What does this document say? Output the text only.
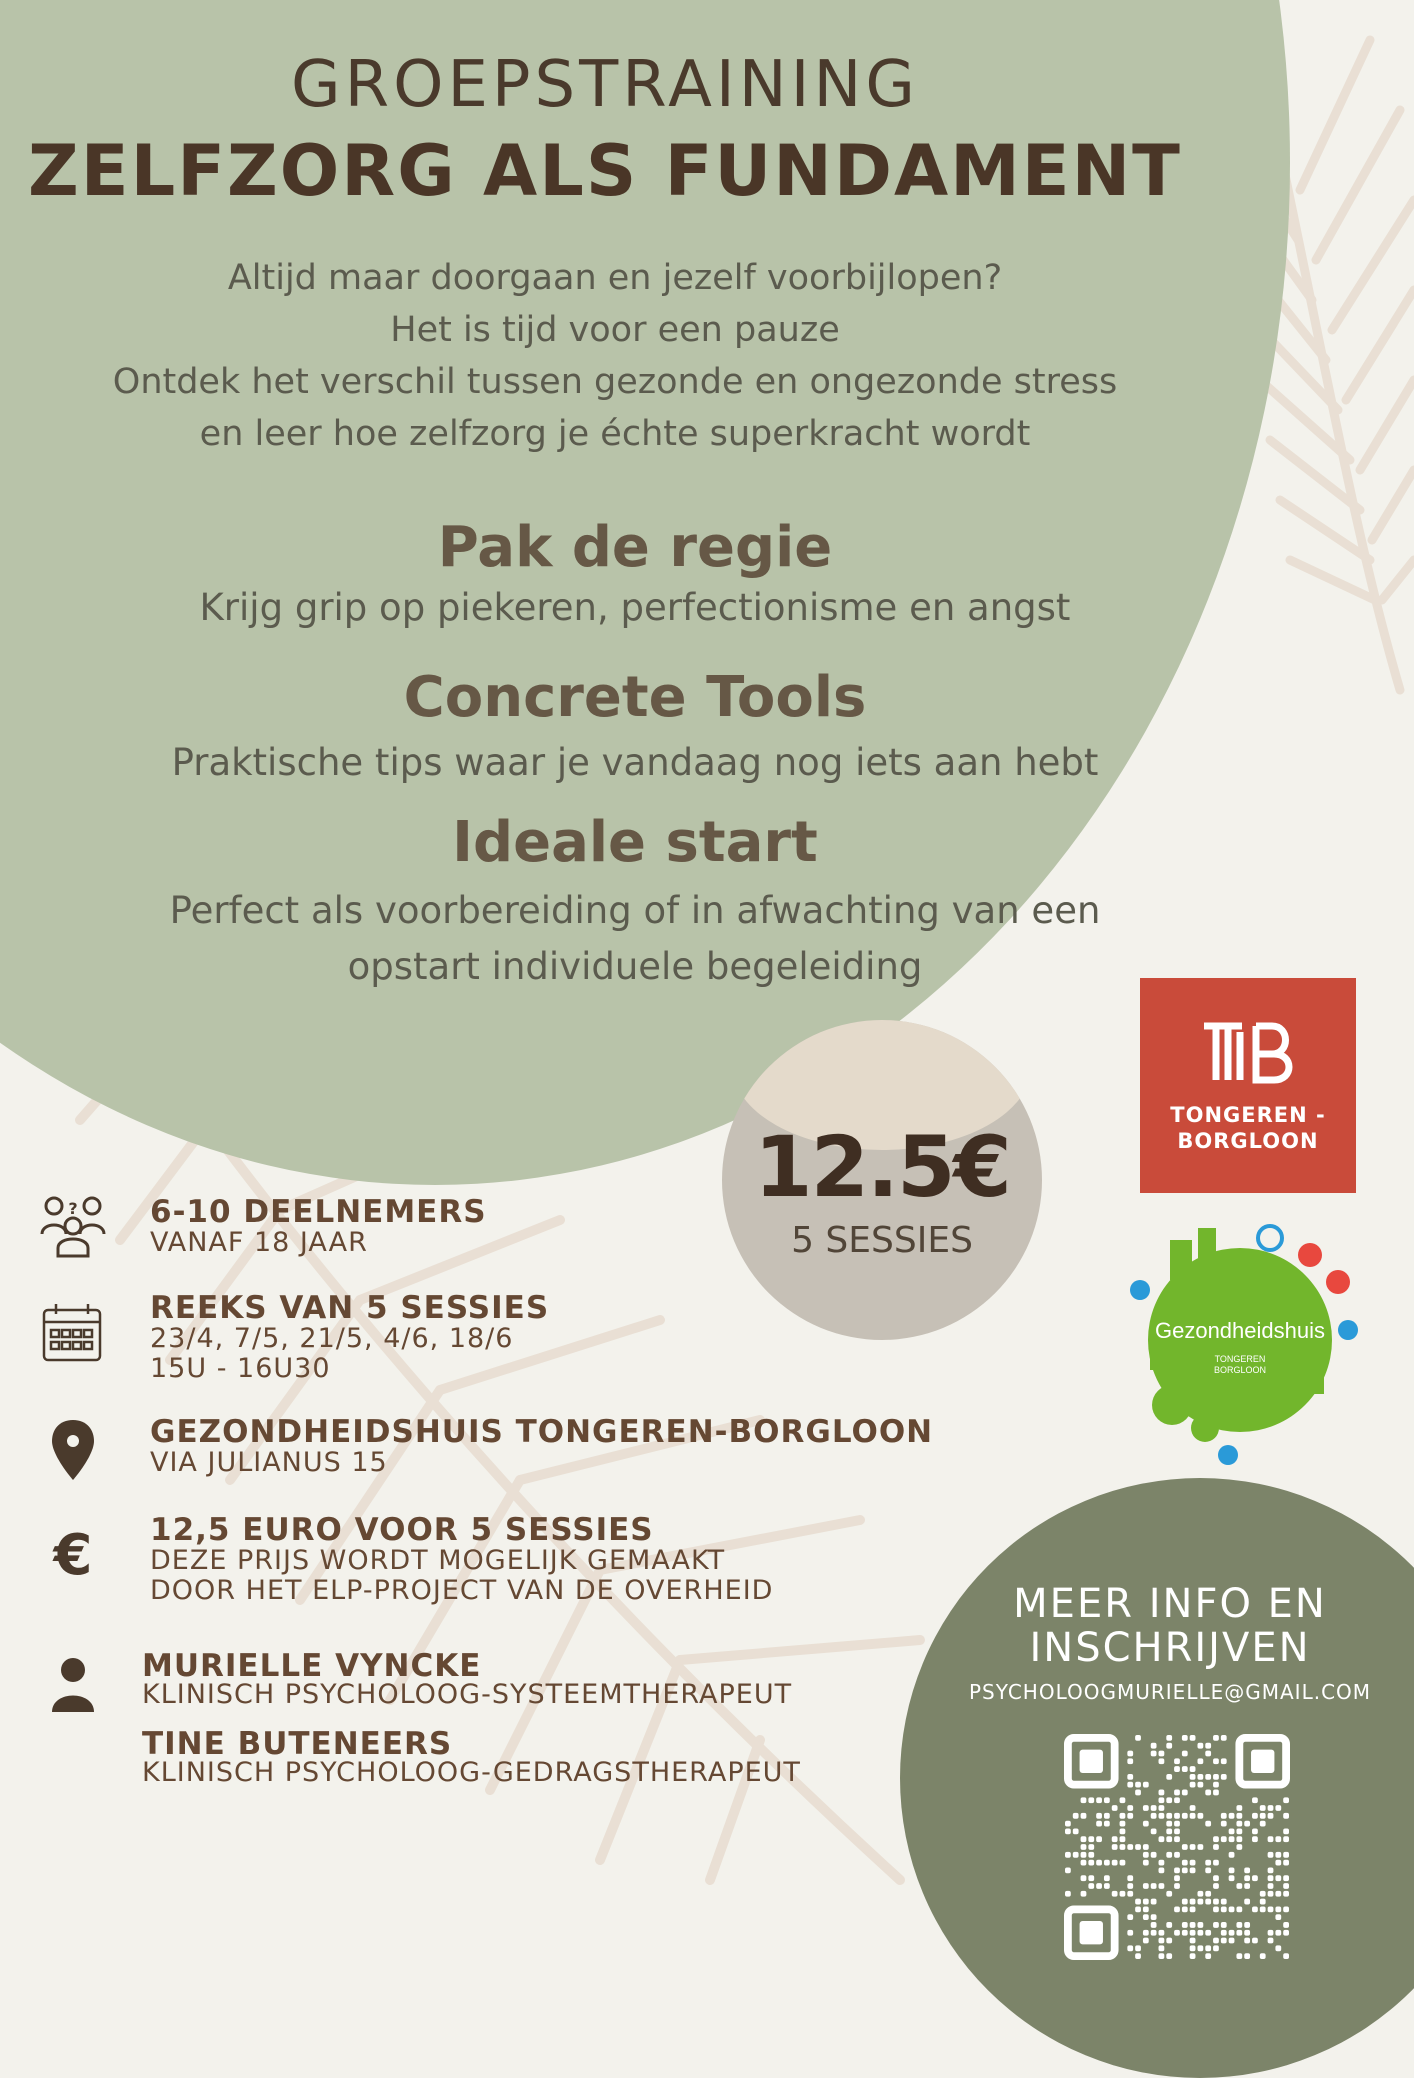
GROEPSTRAINING
ZELFZORG ALS FUNDAMENT
Altijd maar doorgaan en jezelf voorbijlopen?
Het is tijd voor een pauze
Ontdek het verschil tussen gezonde en ongezonde stress
en leer hoe zelfzorg je échte superkracht wordt
Pak de regie
Krijg grip op piekeren, perfectionisme en angst
Concrete Tools
Praktische tips waar je vandaag nog iets aan hebt
Ideale start
Perfect als voorbereiding of in afwachting van een
opstart individuele begeleiding
12.5€
5 SESSIES
? 6-10 DEELNEMERS
VANAF 18 JAAR
REEKS VAN 5 SESSIES
23/4, 7/5, 21/5, 4/6, 18/6
15U - 16U30
GEZONDHEIDSHUIS TONGEREN-BORGLOON
VIA JULIANUS 15
€ 12,5 EURO VOOR 5 SESSIES
DEZE PRIJS WORDT MOGELIJK GEMAAKT
DOOR HET ELP-PROJECT VAN DE OVERHEID
MURIELLE VYNCKE
KLINISCH PSYCHOLOOG-SYSTEEMTHERAPEUT
TINE BUTENEERS
KLINISCH PSYCHOLOOG-GEDRAGSTHERAPEUT
TONGEREN -
BORGLOON
Gezondheidshuis
TONGEREN BORGLOON
MEER INFO EN
INSCHRIJVEN
PSYCHOLOOGMURIELLE@GMAIL.COM
